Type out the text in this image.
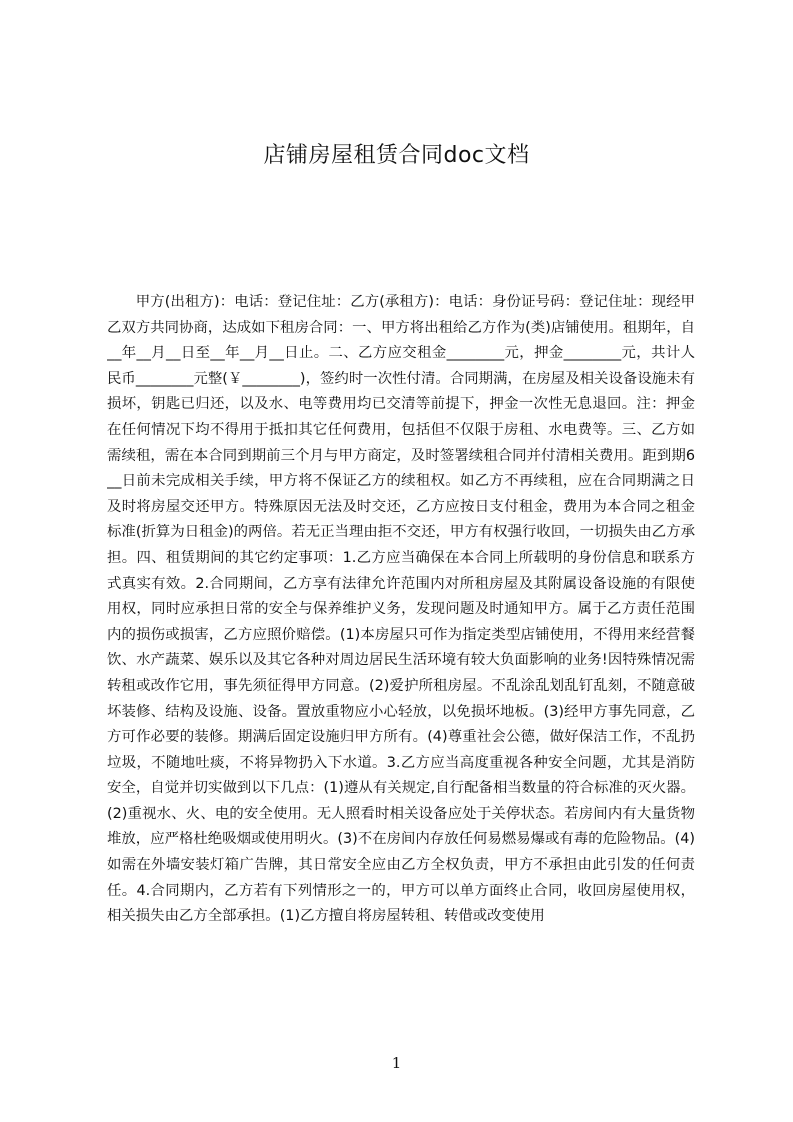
店铺房屋租赁合同doc文档

甲方(出租方)：电话：登记住址：乙方(承租方)：电话：身份证号码：登记住址：现经甲乙双方共同协商，达成如下租房合同：一、甲方将出租给乙方作为(类)店铺使用。租期年，自__年__月__日至__年__月__日止。二、乙方应交租金________元，押金________元，共计人民币________元整(￥________)，签约时一次性付清。合同期满，在房屋及相关设备设施未有损坏，钥匙已归还，以及水、电等费用均已交清等前提下，押金一次性无息退回。注：押金在任何情况下均不得用于抵扣其它任何费用，包括但不仅限于房租、水电费等。三、乙方如需续租，需在本合同到期前三个月与甲方商定，及时签署续租合同并付清相关费用。距到期6__日前未完成相关手续，甲方将不保证乙方的续租权。如乙方不再续租，应在合同期满之日及时将房屋交还甲方。特殊原因无法及时交还，乙方应按日支付租金，费用为本合同之租金标准(折算为日租金)的两倍。若无正当理由拒不交还，甲方有权强行收回，一切损失由乙方承担。四、租赁期间的其它约定事项：1.乙方应当确保在本合同上所载明的身份信息和联系方式真实有效。2.合同期间，乙方享有法律允许范围内对所租房屋及其附属设备设施的有限使用权，同时应承担日常的安全与保养维护义务，发现问题及时通知甲方。属于乙方责任范围内的损伤或损害，乙方应照价赔偿。(1)本房屋只可作为指定类型店铺使用，不得用来经营餐饮、水产蔬菜、娱乐以及其它各种对周边居民生活环境有较大负面影响的业务!因特殊情况需转租或改作它用，事先须征得甲方同意。(2)爱护所租房屋。不乱涂乱划乱钉乱刻，不随意破坏装修、结构及设施、设备。置放重物应小心轻放，以免损坏地板。(3)经甲方事先同意，乙方可作必要的装修。期满后固定设施归甲方所有。(4)尊重社会公德，做好保洁工作，不乱扔垃圾，不随地吐痰，不将异物扔入下水道。3.乙方应当高度重视各种安全问题，尤其是消防安全，自觉并切实做到以下几点：(1)遵从有关规定,自行配备相当数量的符合标准的灭火器。 (2)重视水、火、电的安全使用。无人照看时相关设备应处于关停状态。若房间内有大量货物堆放，应严格杜绝吸烟或使用明火。(3)不在房间内存放任何易燃易爆或有毒的危险物品。(4)如需在外墙安装灯箱广告牌，其日常安全应由乙方全权负责，甲方不承担由此引发的任何责任。4.合同期内，乙方若有下列情形之一的，甲方可以单方面终止合同，收回房屋使用权，相关损失由乙方全部承担。(1)乙方擅自将房屋转租、转借或改变使用

1
